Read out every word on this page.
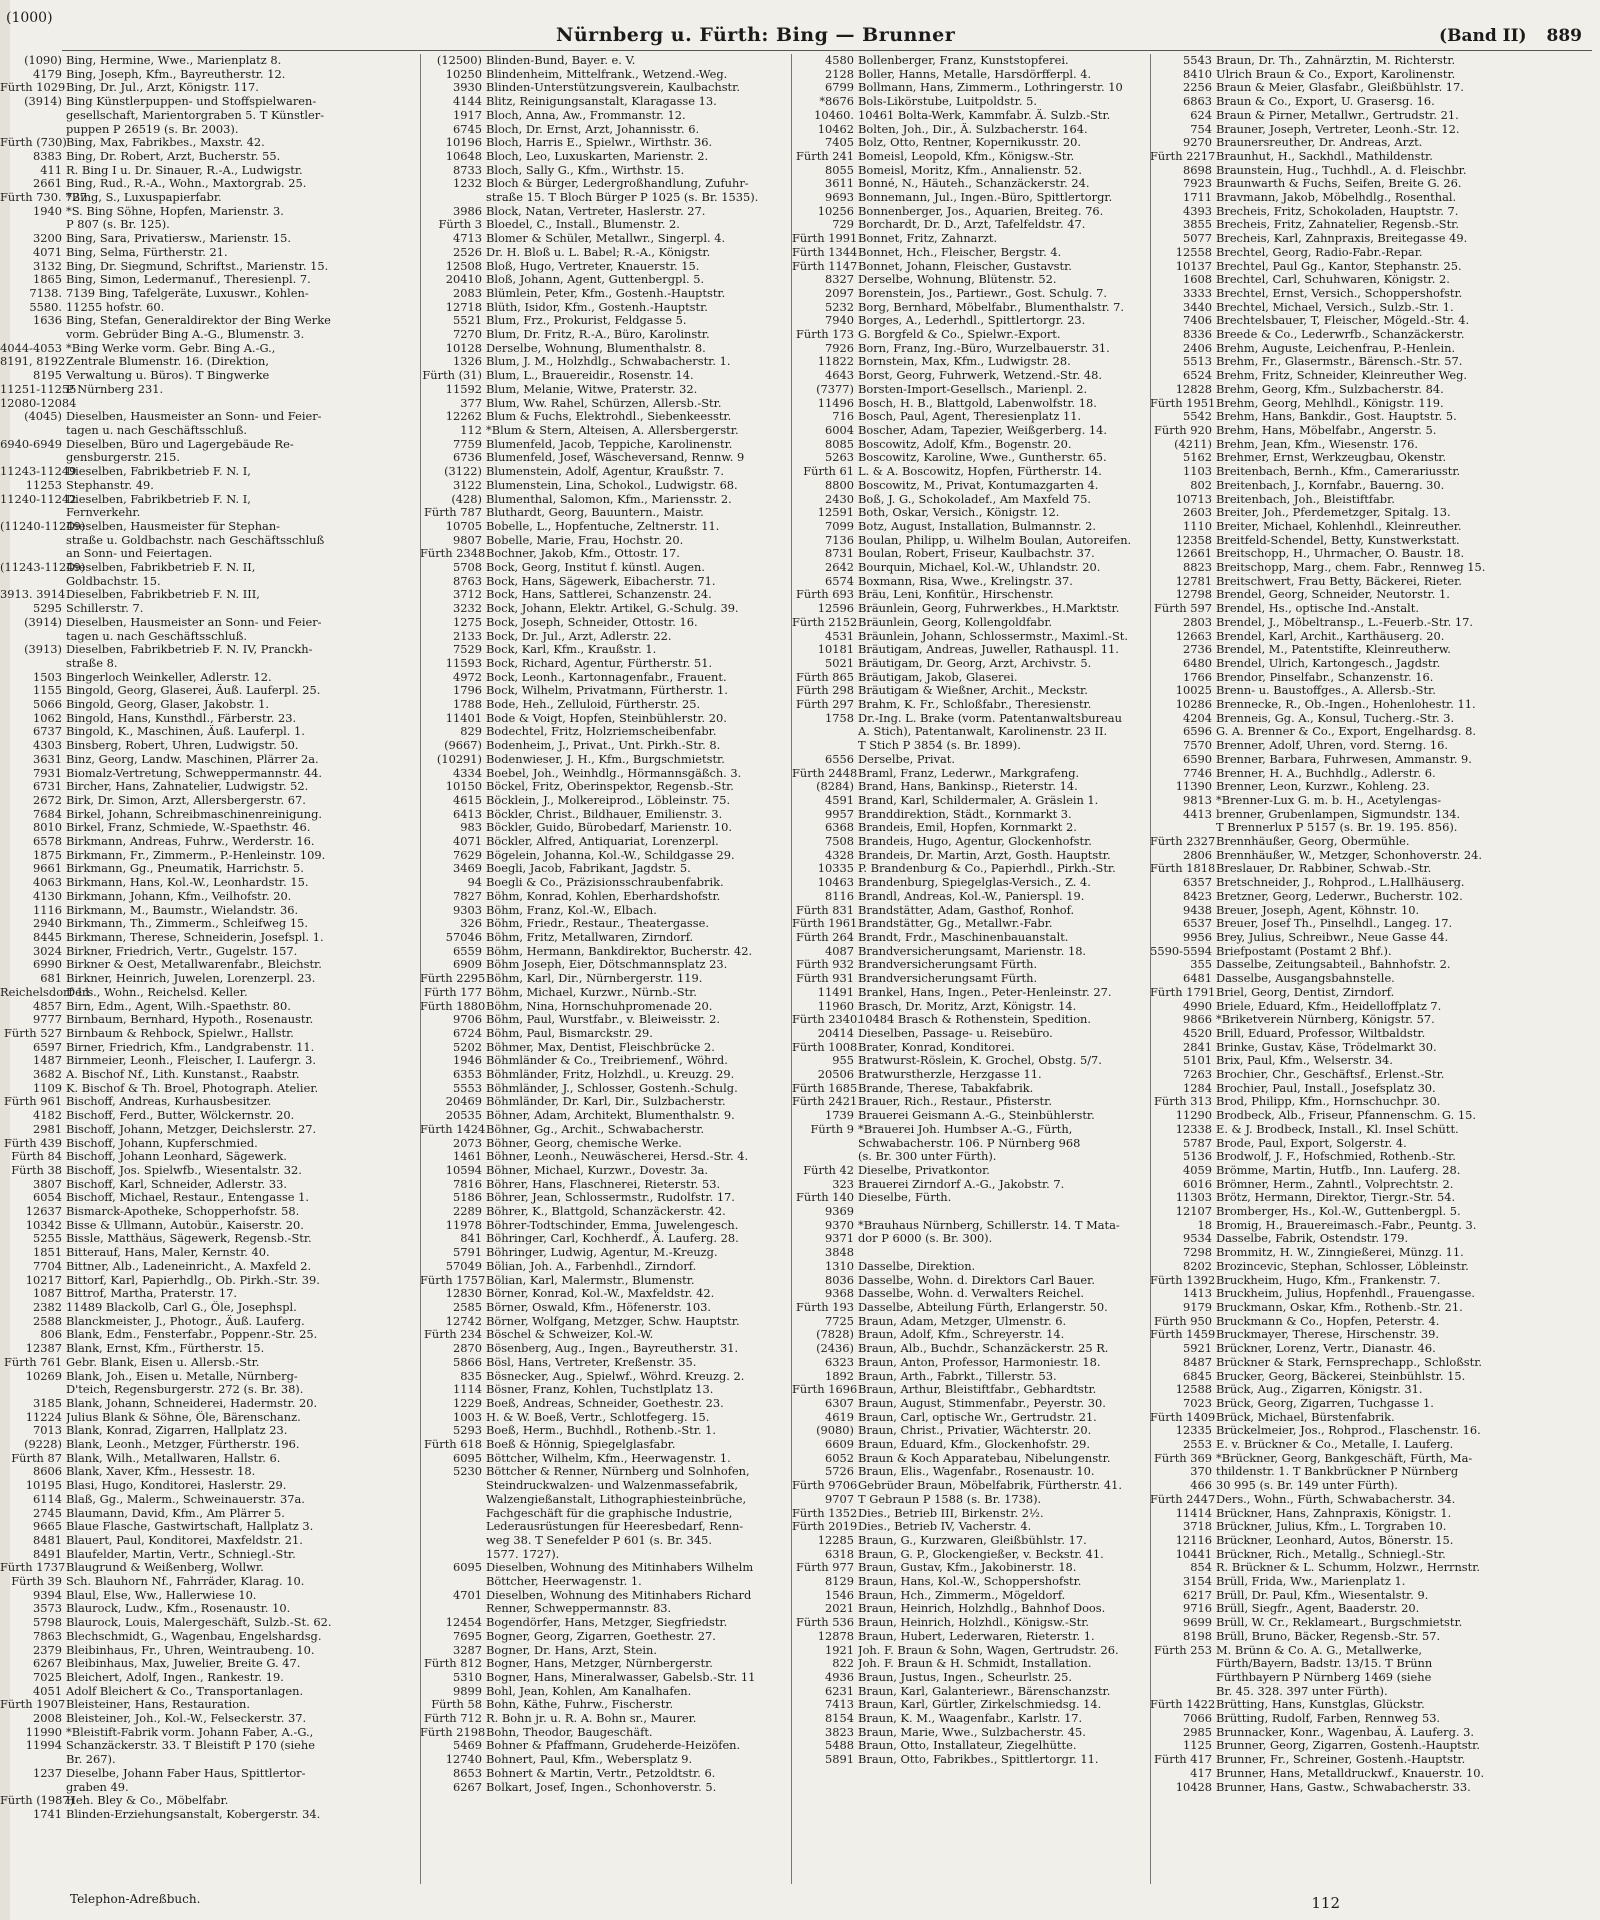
(1000)
Nürnberg u. Fürth: Bing — Brunner	(Band II) 889
(1090) Bing, Hermine, Wwe., Marienplatz 8.
4179 Bing, Joseph, Kfm., Bayreutherstr. 12.
Fürth 1029 Bing, Dr. Jul., Arzt, Königstr. 117.
(3914) Bing Künstlerpuppen- und Stoffspielwaren-
gesellschaft, Marientorgraben 5. T Künstler-
puppen P 26519 (s. Br. 2003).
Fürth (730) Bing, Max, Fabrikbes., Maxstr. 42.
8383 Bing, Dr. Robert, Arzt, Bucherstr. 55.
411 R. Bing I u. Dr. Sinauer, R.-A., Ludwigstr.
2661 Bing, Rud., R.-A., Wohn., Maxtorgrab. 25.
Fürth 730. 727
*Bing, S., Luxuspapierfabr.
1940 *S. Bing Söhne, Hopfen, Marienstr. 3.
P 807 (s. Br. 125).
3200 Bing, Sara, Privatiersw., Marienstr. 15.
4071 Bing, Selma, Fürtherstr. 21.
3132 Bing, Dr. Siegmund, Schriftst., Marienstr. 15.
1865 Bing, Simon, Ledermanuf., Theresienpl. 7.
7138. 7139 Bing, Tafelgeräte, Luxuswr., Kohlen-
5580. 11255 hofstr. 60.
1636 Bing, Stefan, Generaldirektor der Bing Werke
vorm. Gebrüder Bing A.-G., Blumenstr. 3.
4044-4053 *Bing Werke vorm. Gebr. Bing A.-G.,
8191, 8192 Zentrale Blumenstr. 16. (Direktion,
8195 Verwaltung u. Büros). T Bingwerke
11251-11255
P Nürnberg 231.
12080-12084
(4045) Dieselben, Hausmeister an Sonn- und Feier-
tagen u. nach Geschäftsschluß.
6940-6949 Dieselben, Büro und Lagergebäude Re-
gensburgerstr. 215.
11243-11249
Dieselben, Fabrikbetrieb F. N. I,
11253 Stephanstr. 49.
11240-11242
Dieselben, Fabrikbetrieb F. N. I,
Fernverkehr.
(11240-11249)
Dieselben, Hausmeister für Stephan-
straße u. Goldbachstr. nach Geschäftsschluß
an Sonn- und Feiertagen.
(11243-11249)
Dieselben, Fabrikbetrieb F. N. II,
Goldbachstr. 15.
3913. 3914 Dieselben, Fabrikbetrieb F. N. III,
5295 Schillerstr. 7.
(3914) Dieselben, Hausmeister an Sonn- und Feier-
tagen u. nach Geschäftsschluß.
(3913) Dieselben, Fabrikbetrieb F. N. IV, Pranckh-
straße 8.
1503 Bingerloch Weinkeller, Adlerstr. 12.
1155 Bingold, Georg, Glaserei, Äuß. Lauferpl. 25.
5066 Bingold, Georg, Glaser, Jakobstr. 1.
1062 Bingold, Hans, Kunsthdl., Färberstr. 23.
6737 Bingold, K., Maschinen, Äuß. Lauferpl. 1.
4303 Binsberg, Robert, Uhren, Ludwigstr. 50.
3631 Binz, Georg, Landw. Maschinen, Plärrer 2a.
7931 Biomalz-Vertretung, Schweppermannstr. 44.
6731 Bircher, Hans, Zahnatelier, Ludwigstr. 52.
2672 Birk, Dr. Simon, Arzt, Allersbergerstr. 67.
7684 Birkel, Johann, Schreibmaschinenreinigung.
8010 Birkel, Franz, Schmiede, W.-Spaethstr. 46.
6578 Birkmann, Andreas, Fuhrw., Werderstr. 16.
1875 Birkmann, Fr., Zimmerm., P.-Henleinstr. 109.
9661 Birkmann, Gg., Pneumatik, Harrichstr. 5.
4063 Birkmann, Hans, Kol.-W., Leonhardstr. 15.
4130 Birkmann, Johann, Kfm., Veilhofstr. 20.
1116 Birkmann, M., Baumstr., Wielandstr. 36.
2940 Birkmann, Th., Zimmerm., Schleifweg 15.
8445 Birkmann, Therese, Schneiderin, Josefspl. 1.
3024 Birkner, Friedrich, Vertr., Gugelstr. 157.
6990 Birkner & Oest, Metallwarenfabr., Bleichstr.
681 Birkner, Heinrich, Juwelen, Lorenzerpl. 23.
Reichelsdorf 11
Ders., Wohn., Reichelsd. Keller.
4857 Birn, Edm., Agent, Wilh.-Spaethstr. 80.
9777 Birnbaum, Bernhard, Hypoth., Rosenaustr.
Fürth 527 Birnbaum & Rehbock, Spielwr., Hallstr.
6597 Birner, Friedrich, Kfm., Landgrabenstr. 11.
1487 Birnmeier, Leonh., Fleischer, I. Laufergr. 3.
3682 A. Bischof Nf., Lith. Kunstanst., Raabstr.
1109 K. Bischof & Th. Broel, Photograph. Atelier.
Fürth 961 Bischoff, Andreas, Kurhausbesitzer.
4182 Bischoff, Ferd., Butter, Wölckernstr. 20.
2981 Bischoff, Johann, Metzger, Deichslerstr. 27.
Fürth 439 Bischoff, Johann, Kupferschmied.
Fürth 84 Bischoff, Johann Leonhard, Sägewerk.
Fürth 38 Bischoff, Jos. Spielwfb., Wiesentalstr. 32.
3807 Bischoff, Karl, Schneider, Adlerstr. 33.
6054 Bischoff, Michael, Restaur., Entengasse 1.
12637 Bismarck-Apotheke, Schopperhofstr. 58.
10342 Bisse & Ullmann, Autobür., Kaiserstr. 20.
5255 Bissle, Matthäus, Sägewerk, Regensb.-Str.
1851 Bitterauf, Hans, Maler, Kernstr. 40.
7704 Bittner, Alb., Ladeneinricht., A. Maxfeld 2.
10217 Bittorf, Karl, Papierhdlg., Ob. Pirkh.-Str. 39.
1087 Bittrof, Martha, Praterstr. 17.
2382 11489 Blackolb, Carl G., Öle, Josephspl.
2588 Blanckmeister, J., Photogr., Äuß. Lauferg.
806 Blank, Edm., Fensterfabr., Poppenr.-Str. 25.
12387 Blank, Ernst, Kfm., Fürtherstr. 15.
Fürth 761 Gebr. Blank, Eisen u. Allersb.-Str.
10269 Blank, Joh., Eisen u. Metalle, Nürnberg-
D'teich, Regensburgerstr. 272 (s. Br. 38).
3185 Blank, Johann, Schneiderei, Hadermstr. 20.
11224 Julius Blank & Söhne, Öle, Bärenschanz.
7013 Blank, Konrad, Zigarren, Hallplatz 23.
(9228) Blank, Leonh., Metzger, Fürtherstr. 196.
Fürth 87 Blank, Wilh., Metallwaren, Hallstr. 6.
8606 Blank, Xaver, Kfm., Hessestr. 18.
10195 Blasi, Hugo, Konditorei, Haslerstr. 29.
6114 Blaß, Gg., Malerm., Schweinauerstr. 37a.
2745 Blaumann, David, Kfm., Am Plärrer 5.
9665 Blaue Flasche, Gastwirtschaft, Hallplatz 3.
8481 Blauert, Paul, Konditorei, Maxfeldstr. 21.
8491 Blaufelder, Martin, Vertr., Schniegl.-Str.
Fürth 1737 Blaugrund & Weißenberg, Wollwr.
Fürth 39 Sch. Blauhorn Nf., Fahrräder, Klarag. 10.
9394 Blaul, Else, Ww., Hallerwiese 10.
3573 Blaurock, Ludw., Kfm., Rosenaustr. 10.
5798 Blaurock, Louis, Malergeschäft, Sulzb.-St. 62.
7863 Blechschmidt, G., Wagenbau, Engelshardsg.
2379 Bleibinhaus, Fr., Uhren, Weintraubeng. 10.
6267 Bleibinhaus, Max, Juwelier, Breite G. 47.
7025 Bleichert, Adolf, Ingen., Rankestr. 19.
4051 Adolf Bleichert & Co., Transportanlagen.
Fürth 1907 Bleisteiner, Hans, Restauration.
2008 Bleisteiner, Joh., Kol.-W., Felseckerstr. 37.
11990 *Bleistift-Fabrik vorm. Johann Faber, A.-G.,
11994 Schanzäckerstr. 33. T Bleistift P 170 (siehe
Br. 267).
1237 Dieselbe, Johann Faber Haus, Spittlertor-
graben 49.
Fürth (1987)
Heh. Bley & Co., Möbelfabr.
1741 Blinden-Erziehungsanstalt, Kobergerstr. 34.
(12500) Blinden-Bund, Bayer. e. V.
10250 Blindenheim, Mittelfrank., Wetzend.-Weg.
3930 Blinden-Unterstützungsverein, Kaulbachstr.
4144 Blitz, Reinigungsanstalt, Klaragasse 13.
1917 Bloch, Anna, Aw., Frommanstr. 12.
6745 Bloch, Dr. Ernst, Arzt, Johannisstr. 6.
10196 Bloch, Harris E., Spielwr., Wirthstr. 36.
10648 Bloch, Leo, Luxuskarten, Marienstr. 2.
8733 Bloch, Sally G., Kfm., Wirthstr. 15.
1232 Bloch & Bürger, Ledergroßhandlung, Zufuhr-
straße 15. T Bloch Bürger P 1025 (s. Br. 1535).
3986 Block, Natan, Vertreter, Haslerstr. 27.
Fürth 3 Bloedel, C., Install., Blumenstr. 2.
4713 Blomer & Schüler, Metallwr., Singerpl. 4.
2526 Dr. H. Bloß u. L. Babel; R.-A., Königstr.
12508 Bloß, Hugo, Vertreter, Knauerstr. 15.
20410 Bloß, Johann, Agent, Guttenbergpl. 5.
2083 Blümlein, Peter, Kfm., Gostenh.-Hauptstr.
12718 Blüth, Isidor, Kfm., Gostenh.-Hauptstr.
5521 Blum, Frz., Prokurist, Feldgasse 5.
7270 Blum, Dr. Fritz, R.-A., Büro, Karolinstr.
10128 Derselbe, Wohnung, Blumenthalstr. 8.
1326 Blum, J. M., Holzhdlg., Schwabacherstr. 1.
Fürth (31) Blum, L., Brauereidir., Rosenstr. 14.
11592 Blum, Melanie, Witwe, Praterstr. 32.
377 Blum, Ww. Rahel, Schürzen, Allersb.-Str.
12262 Blum & Fuchs, Elektrohdl., Siebenkeesstr.
112 *Blum & Stern, Alteisen, A. Allersbergerstr.
7759 Blumenfeld, Jacob, Teppiche, Karolinenstr.
6736 Blumenfeld, Josef, Wäscheversand, Rennw. 9
(3122) Blumenstein, Adolf, Agentur, Kraußstr. 7.
3122 Blumenstein, Lina, Schokol., Ludwigstr. 68.
(428) Blumenthal, Salomon, Kfm., Mariensstr. 2.
Fürth 787 Bluthardt, Georg, Bauuntern., Maistr.
10705 Bobelle, L., Hopfentuche, Zeltnerstr. 11.
9807 Bobelle, Marie, Frau, Hochstr. 20.
Fürth 2348 Bochner, Jakob, Kfm., Ottostr. 17.
5708 Bock, Georg, Institut f. künstl. Augen.
8763 Bock, Hans, Sägewerk, Eibacherstr. 71.
3712 Bock, Hans, Sattlerei, Schanzenstr. 24.
3232 Bock, Johann, Elektr. Artikel, G.-Schulg. 39.
1275 Bock, Joseph, Schneider, Ottostr. 16.
2133 Bock, Dr. Jul., Arzt, Adlerstr. 22.
7529 Bock, Karl, Kfm., Kraußstr. 1.
11593 Bock, Richard, Agentur, Fürtherstr. 51.
4972 Bock, Leonh., Kartonnagenfabr., Frauent.
1796 Bock, Wilhelm, Privatmann, Fürtherstr. 1.
1788 Bode, Heh., Zelluloid, Fürtherstr. 25.
11401 Bode & Voigt, Hopfen, Steinbühlerstr. 20.
829 Bodechtel, Fritz, Holzriemscheibenfabr.
(9667) Bodenheim, J., Privat., Unt. Pirkh.-Str. 8.
(10291) Bodenwieser, J. H., Kfm., Burgschmietstr.
4334 Boebel, Joh., Weinhdlg., Hörmannsgäßch. 3.
10150 Böckel, Fritz, Oberinspektor, Regensb.-Str.
4615 Böcklein, J., Molkereiprod., Löbleinstr. 75.
6413 Böckler, Christ., Bildhauer, Emilienstr. 3.
983 Böckler, Guido, Bürobedarf, Marienstr. 10.
4071 Böckler, Alfred, Antiquariat, Lorenzerpl.
7629 Bögelein, Johanna, Kol.-W., Schildgasse 29.
3469 Boegli, Jacob, Fabrikant, Jagdstr. 5.
94 Boegli & Co., Präzisionsschraubenfabrik.
7827 Böhm, Konrad, Kohlen, Eberhardshofstr.
9303 Böhm, Franz, Kol.-W., Elbach.
326 Böhm, Friedr., Restaur., Theatergasse.
57046 Böhm, Fritz, Metallwaren, Zirndorf.
6559 Böhm, Hermann, Bankdirektor, Bucherstr. 42.
6909 Böhm Joseph, Eier, Dötschmannsplatz 23.
Fürth 2295 Böhm, Karl, Dir., Nürnbergerstr. 119.
Fürth 177 Böhm, Michael, Kurzwr., Nürnb.-Str.
Fürth 1880 Böhm, Nina, Hornschuhpromenade 20.
9706 Böhm, Paul, Wurstfabr., v. Bleiweisstr. 2.
6724 Böhm, Paul, Bismarckstr. 29.
5202 Böhmer, Max, Dentist, Fleischbrücke 2.
1946 Böhmländer & Co., Treibriemenf., Wöhrd.
6353 Böhmländer, Fritz, Holzhdl., u. Kreuzg. 29.
5553 Böhmländer, J., Schlosser, Gostenh.-Schulg.
20469 Böhmländer, Dr. Karl, Dir., Sulzbacherstr.
20535 Böhner, Adam, Architekt, Blumenthalstr. 9.
Fürth 1424 Böhner, Gg., Archit., Schwabacherstr.
2073 Böhner, Georg, chemische Werke.
1461 Böhner, Leonh., Neuwäscherei, Hersd.-Str. 4.
10594 Böhner, Michael, Kurzwr., Dovestr. 3a.
7816 Böhrer, Hans, Flaschnerei, Rieterstr. 53.
5186 Böhrer, Jean, Schlossermstr., Rudolfstr. 17.
2289 Böhrer, K., Blattgold, Schanzäckerstr. 42.
11978 Böhrer-Todtschinder, Emma, Juwelengesch.
841 Böhringer, Carl, Kochherdf., Ä. Lauferg. 28.
5791 Böhringer, Ludwig, Agentur, M.-Kreuzg.
57049 Bölian, Joh. A., Farbenhdl., Zirndorf.
Fürth 1757 Bölian, Karl, Malermstr., Blumenstr.
12830 Börner, Konrad, Kol.-W., Maxfeldstr. 42.
2585 Börner, Oswald, Kfm., Höfenerstr. 103.
12742 Börner, Wolfgang, Metzger, Schw. Hauptstr.
Fürth 234 Böschel & Schweizer, Kol.-W.
2870 Bösenberg, Aug., Ingen., Bayreutherstr. 31.
5866 Bösl, Hans, Vertreter, Kreßenstr. 35.
835 Bösnecker, Aug., Spielwf., Wöhrd. Kreuzg. 2.
1114 Bösner, Franz, Kohlen, Tuchstlplatz 13.
1229 Boeß, Andreas, Schneider, Goethestr. 23.
1003 H. & W. Boeß, Vertr., Schlotfegerg. 15.
5293 Boeß, Herm., Buchhdl., Rothenb.-Str. 1.
Fürth 618 Boeß & Hönnig, Spiegelglasfabr.
6095 Böttcher, Wilhelm, Kfm., Heerwagenstr. 1.
5230 Böttcher & Renner, Nürnberg und Solnhofen,
Steindruckwalzen- und Walzenmassefabrik,
Walzengießanstalt, Lithographiesteinbrüche,
Fachgeschäft für die graphische Industrie,
Lederausrüstungen für Heeresbedarf, Renn-
weg 38. T Senefelder P 601 (s. Br. 345.
1577. 1727).
6095 Dieselben, Wohnung des Mitinhabers Wilhelm
Böttcher, Heerwagenstr. 1.
4701 Dieselben, Wohnung des Mitinhabers Richard
Renner, Schweppermannstr. 83.
12454 Bogendörfer, Hans, Metzger, Siegfriedstr.
7695 Bogner, Georg, Zigarren, Goethestr. 27.
3287 Bogner, Dr. Hans, Arzt, Stein.
Fürth 812 Bogner, Hans, Metzger, Nürnbergerstr.
5310 Bogner, Hans, Mineralwasser, Gabelsb.-Str. 11
9899 Bohl, Jean, Kohlen, Am Kanalhafen.
Fürth 58 Bohn, Käthe, Fuhrw., Fischerstr.
Fürth 712 R. Bohn jr. u. R. A. Bohn sr., Maurer.
Fürth 2198 Bohn, Theodor, Baugeschäft.
5469 Bohner & Pfaffmann, Grudeherde-Heizöfen.
12740 Bohnert, Paul, Kfm., Webersplatz 9.
8653 Bohnert & Martin, Vertr., Petzoldtstr. 6.
6267 Bolkart, Josef, Ingen., Schonhoverstr. 5.
4580 Bollenberger, Franz, Kunststopferei.
2128 Boller, Hanns, Metalle, Harsdörfferpl. 4.
6799 Bollmann, Hans, Zimmerm., Lothringerstr. 10
*8676 Bols-Likörstube, Luitpoldstr. 5.
10460. 10461 Bolta-Werk, Kammfabr. Ä. Sulzb.-Str.
10462 Bolten, Joh., Dir., Ä. Sulzbacherstr. 164.
7405 Bolz, Otto, Rentner, Kopernikusstr. 20.
Fürth 241 Bomeisl, Leopold, Kfm., Königsw.-Str.
8055 Bomeisl, Moritz, Kfm., Annalienstr. 52.
3611 Bonné, N., Häuteh., Schanzäckerstr. 24.
9693 Bonnemann, Jul., Ingen.-Büro, Spittlertorgr.
10256 Bonnenberger, Jos., Aquarien, Breiteg. 76.
729 Borchardt, Dr. D., Arzt, Tafelfeldstr. 47.
Fürth 1991 Bonnet, Fritz, Zahnarzt.
Fürth 1344 Bonnet, Hch., Fleischer, Bergstr. 4.
Fürth 1147 Bonnet, Johann, Fleischer, Gustavstr.
8327 Derselbe, Wohnung, Blütenstr. 52.
2097 Borenstein, Jos., Partiewr., Gost. Schulg. 7.
5232 Borg, Bernhard, Möbelfabr., Blumenthalstr. 7.
7940 Borges, A., Lederhdl., Spittlertorgr. 23.
Fürth 173 G. Borgfeld & Co., Spielwr.-Export.
7926 Born, Franz, Ing.-Büro, Wurzelbauerstr. 31.
11822 Bornstein, Max, Kfm., Ludwigstr. 28.
4643 Borst, Georg, Fuhrwerk, Wetzend.-Str. 48.
(7377) Borsten-Import-Gesellsch., Marienpl. 2.
11496 Bosch, H. B., Blattgold, Labenwolfstr. 18.
716 Bosch, Paul, Agent, Theresienplatz 11.
6004 Boscher, Adam, Tapezier, Weißgerberg. 14.
8085 Boscowitz, Adolf, Kfm., Bogenstr. 20.
5263 Boscowitz, Karoline, Wwe., Guntherstr. 65.
Fürth 61 L. & A. Boscowitz, Hopfen, Fürtherstr. 14.
8800 Boscowitz, M., Privat, Kontumazgarten 4.
2430 Boß, J. G., Schokoladef., Am Maxfeld 75.
12591 Both, Oskar, Versich., Königstr. 12.
7099 Botz, August, Installation, Bulmannstr. 2.
7136 Boulan, Philipp, u. Wilhelm Boulan, Autoreifen.
8731 Boulan, Robert, Friseur, Kaulbachstr. 37.
2642 Bourquin, Michael, Kol.-W., Uhlandstr. 20.
6574 Boxmann, Risa, Wwe., Krelingstr. 37.
Fürth 693 Bräu, Leni, Konfitür., Hirschenstr.
12596 Bräunlein, Georg, Fuhrwerkbes., H.Marktstr.
Fürth 2152 Bräunlein, Georg, Kollengoldfabr.
4531 Bräunlein, Johann, Schlossermstr., Maximl.-St.
10181 Bräutigam, Andreas, Juweller, Rathauspl. 11.
5021 Bräutigam, Dr. Georg, Arzt, Archivstr. 5.
Fürth 865 Bräutigam, Jakob, Glaserei.
Fürth 298 Bräutigam & Wießner, Archit., Meckstr.
Fürth 297 Brahm, K. Fr., Schloßfabr., Theresienstr.
1758 Dr.-Ing. L. Brake (vorm. Patentanwaltsbureau
A. Stich), Patentanwalt, Karolinenstr. 23 II.
T Stich P 3854 (s. Br. 1899).
6556 Derselbe, Privat.
Fürth 2448 Braml, Franz, Lederwr., Markgrafeng.
(8284) Brand, Hans, Bankinsp., Rieterstr. 14.
4591 Brand, Karl, Schildermaler, A. Gräslein 1.
9957 Branddirektion, Städt., Kornmarkt 3.
6368 Brandeis, Emil, Hopfen, Kornmarkt 2.
7508 Brandeis, Hugo, Agentur, Glockenhofstr.
4328 Brandeis, Dr. Martin, Arzt, Gosth. Hauptstr.
10335 P. Brandenburg & Co., Papierhdl., Pirkh.-Str.
10463 Brandenburg, Spiegelglas-Versich., Z. 4.
8116 Brandl, Andreas, Kol.-W., Panierspl. 19.
Fürth 831 Brandstätter, Adam, Gasthof, Ronhof.
Fürth 1961 Brandstätter, Gg., Metallwr.-Fabr.
Fürth 264 Brandt, Frdr., Maschinenbauanstalt.
4087 Brandversicherungsamt, Marienstr. 18.
Fürth 932 Brandversicherungsamt Fürth.
Fürth 931 Brandversicherungsamt Fürth.
11491 Brankel, Hans, Ingen., Peter-Henleinstr. 27.
11960 Brasch, Dr. Moritz, Arzt, Königstr. 14.
Fürth 2340.
10484 Brasch & Rothenstein, Spedition.
20414 Dieselben, Passage- u. Reisebüro.
Fürth 1008 Brater, Konrad, Konditorei.
955 Bratwurst-Röslein, K. Grochel, Obstg. 5/7.
20506 Bratwurstherzle, Herzgasse 11.
Fürth 1685 Brande, Therese, Tabakfabrik.
Fürth 2421 Brauer, Rich., Restaur., Pfisterstr.
1739 Brauerei Geismann A.-G., Steinbühlerstr.
Fürth 9 *Brauerei Joh. Humbser A.-G., Fürth,
Schwabacherstr. 106. P Nürnberg 968
(s. Br. 300 unter Fürth).
Fürth 42 Dieselbe, Privatkontor.
323 Brauerei Zirndorf A.-G., Jakobstr. 7.
Fürth 140 Dieselbe, Fürth.
9369
9370 *Brauhaus Nürnberg, Schillerstr. 14. T Mata-
9371 dor P 6000 (s. Br. 300).
3848
1310 Dasselbe, Direktion.
8036 Dasselbe, Wohn. d. Direktors Carl Bauer.
9368 Dasselbe, Wohn. d. Verwalters Reichel.
Fürth 193 Dasselbe, Abteilung Fürth, Erlangerstr. 50.
7725 Braun, Adam, Metzger, Ulmenstr. 6.
(7828) Braun, Adolf, Kfm., Schreyerstr. 14.
(2436) Braun, Alb., Buchdr., Schanzäckerstr. 25 R.
6323 Braun, Anton, Professor, Harmoniestr. 18.
1892 Braun, Arth., Fabrkt., Tillerstr. 53.
Fürth 1696 Braun, Arthur, Bleistiftfabr., Gebhardtstr.
6307 Braun, August, Stimmenfabr., Peyerstr. 30.
4619 Braun, Carl, optische Wr., Gertrudstr. 21.
(9080) Braun, Christ., Privatier, Wächterstr. 20.
6609 Braun, Eduard, Kfm., Glockenhofstr. 29.
6052 Braun & Koch Apparatebau, Nibelungenstr.
5726 Braun, Elis., Wagenfabr., Rosenaustr. 10.
Fürth 9706 Gebrüder Braun, Möbelfabrik, Fürtherstr. 41.
9707 T Gebraun P 1588 (s. Br. 1738).
Fürth 1352 Dies., Betrieb III, Birkenstr. 2½.
Fürth 2019 Dies., Betrieb IV, Vacherstr. 4.
12285 Braun, G., Kurzwaren, Gleißbühlstr. 17.
6318 Braun, G. P., Glockengießer, v. Beckstr. 41.
Fürth 977 Braun, Gustav, Kfm., Jakobinerstr. 18.
8129 Braun, Hans, Kol.-W., Schoppershofstr.
1546 Braun, Hch., Zimmerm., Mögeldorf.
2021 Braun, Heinrich, Holzhdlg., Bahnhof Doos.
Fürth 536 Braun, Heinrich, Holzhdl., Königsw.-Str.
12878 Braun, Hubert, Lederwaren, Rieterstr. 1.
1921 Joh. F. Braun & Sohn, Wagen, Gertrudstr. 26.
822 Joh. F. Braun & H. Schmidt, Installation.
4936 Braun, Justus, Ingen., Scheurlstr. 25.
6231 Braun, Karl, Galanteriewr., Bärenschanzstr.
7413 Braun, Karl, Gürtler, Zirkelschmiedsg. 14.
8154 Braun, K. M., Waagenfabr., Karlstr. 17.
3823 Braun, Marie, Wwe., Sulzbacherstr. 45.
5488 Braun, Otto, Installateur, Ziegelhütte.
5891 Braun, Otto, Fabrikbes., Spittlertorgr. 11.
5543 Braun, Dr. Th., Zahnärztin, M. Richterstr.
8410 Ulrich Braun & Co., Export, Karolinenstr.
2256 Braun & Meier, Glasfabr., Gleißbühlstr. 17.
6863 Braun & Co., Export, U. Grasersg. 16.
624 Braun & Pirner, Metallwr., Gertrudstr. 21.
754 Brauner, Joseph, Vertreter, Leonh.-Str. 12.
9270 Braunersreuther, Dr. Andreas, Arzt.
Fürth 2217 Braunhut, H., Sackhdl., Mathildenstr.
8698 Braunstein, Hug., Tuchhdl., A. d. Fleischbr.
7923 Braunwarth & Fuchs, Seifen, Breite G. 26.
1711 Bravmann, Jakob, Möbelhdlg., Rosenthal.
4393 Brecheis, Fritz, Schokoladen, Hauptstr. 7.
3855 Brecheis, Fritz, Zahnatelier, Regensb.-Str.
5077 Brecheis, Karl, Zahnpraxis, Breitegasse 49.
12558 Brechtel, Georg, Radio-Fabr.-Repar.
10137 Brechtel, Paul Gg., Kantor, Stephanstr. 25.
1608 Brechtel, Carl, Schuhwaren, Königstr. 2.
3333 Brechtel, Ernst, Versich., Schoppershofstr.
3440 Brechtel, Michael, Versich., Sulzb.-Str. 1.
7406 Brechtelsbauer, T, Fleischer, Mögeld.-Str. 4.
8336 Breede & Co., Lederwrfb., Schanzäckerstr.
2406 Brehm, Auguste, Leichenfrau, P.-Henlein.
5513 Brehm, Fr., Glasermstr., Bärensch.-Str. 57.
6524 Brehm, Fritz, Schneider, Kleinreuther Weg.
12828 Brehm, Georg, Kfm., Sulzbacherstr. 84.
Fürth 1951 Brehm, Georg, Mehlhdl., Königstr. 119.
5542 Brehm, Hans, Bankdir., Gost. Hauptstr. 5.
Fürth 920 Brehm, Hans, Möbelfabr., Angerstr. 5.
(4211) Brehm, Jean, Kfm., Wiesenstr. 176.
5162 Brehmer, Ernst, Werkzeugbau, Okenstr.
1103 Breitenbach, Bernh., Kfm., Camerariusstr.
802 Breitenbach, J., Kornfabr., Bauerng. 30.
10713 Breitenbach, Joh., Bleistiftfabr.
2603 Breiter, Joh., Pferdemetzger, Spitalg. 13.
1110 Breiter, Michael, Kohlenhdl., Kleinreuther.
12358 Breitfeld-Schendel, Betty, Kunstwerkstatt.
12661 Breitschopp, H., Uhrmacher, O. Baustr. 18.
8823 Breitschopp, Marg., chem. Fabr., Rennweg 15.
12781 Breitschwert, Frau Betty, Bäckerei, Rieter.
12798 Brendel, Georg, Schneider, Neutorstr. 1.
Fürth 597 Brendel, Hs., optische Ind.-Anstalt.
2803 Brendel, J., Möbeltransp., L.-Feuerb.-Str. 17.
12663 Brendel, Karl, Archit., Karthäuserg. 20.
2736 Brendel, M., Patentstifte, Kleinreutherw.
6480 Brendel, Ulrich, Kartongesch., Jagdstr.
1766 Brendor, Pinselfabr., Schanzenstr. 16.
10025 Brenn- u. Baustoffges., A. Allersb.-Str.
10286 Brennecke, R., Ob.-Ingen., Hohenlohestr. 11.
4204 Brenneis, Gg. A., Konsul, Tucherg.-Str. 3.
6596 G. A. Brenner & Co., Export, Engelhardsg. 8.
7570 Brenner, Adolf, Uhren, vord. Sterng. 16.
6590 Brenner, Barbara, Fuhrwesen, Ammanstr. 9.
7746 Brenner, H. A., Buchhdlg., Adlerstr. 6.
11390 Brenner, Leon, Kurzwr., Kohleng. 23.
9813 *Brenner-Lux G. m. b. H., Acetylengas-
4413 brenner, Grubenlampen, Sigmundstr. 134.
T Brennerlux P 5157 (s. Br. 19. 195. 856).
Fürth 2327 Brennhäußer, Georg, Obermühle.
2806 Brennhäußer, W., Metzger, Schonhoverstr. 24.
Fürth 1818 Breslauer, Dr. Rabbiner, Schwab.-Str.
6357 Bretschneider, J., Rohprod., L.Hallhäuserg.
8423 Bretzner, Georg, Lederwr., Bucherstr. 102.
9438 Breuer, Joseph, Agent, Köhnstr. 10.
6537 Breuer, Josef Th., Pinselhdl., Langeg. 17.
9956 Brey, Julius, Schreibwr., Neue Gasse 44.
5590-5594 Briefpostamt (Postamt 2 Bhf.).
355 Dasselbe, Zeitungsabteil., Bahnhofstr. 2.
6481 Dasselbe, Ausgangsbahnstelle.
Fürth 1791 Briel, Georg, Dentist, Zirndorf.
4990 Briele, Eduard, Kfm., Heidelloffplatz 7.
9866 *Briketverein Nürnberg, Königstr. 57.
4520 Brill, Eduard, Professor, Wiltbaldstr.
2841 Brinke, Gustav, Käse, Trödelmarkt 30.
5101 Brix, Paul, Kfm., Welserstr. 34.
7263 Brochier, Chr., Geschäftsf., Erlenst.-Str.
1284 Brochier, Paul, Install., Josefsplatz 30.
Fürth 313 Brod, Philipp, Kfm., Hornschuchpr. 30.
11290 Brodbeck, Alb., Friseur, Pfannenschm. G. 15.
12338 E. & J. Brodbeck, Install., Kl. Insel Schütt.
5787 Brode, Paul, Export, Solgerstr. 4.
5136 Brodwolf, J. F., Hofschmied, Rothenb.-Str.
4059 Brömme, Martin, Hutfb., Inn. Lauferg. 28.
6016 Brömner, Herm., Zahntl., Volprechtstr. 2.
11303 Brötz, Hermann, Direktor, Tiergr.-Str. 54.
12107 Bromberger, Hs., Kol.-W., Guttenbergpl. 5.
18 Bromig, H., Brauereimasch.-Fabr., Peuntg. 3.
9534 Dasselbe, Fabrik, Ostendstr. 179.
7298 Brommitz, H. W., Zinngießerei, Münzg. 11.
8202 Brozincevic, Stephan, Schlosser, Löbleinstr.
Fürth 1392 Bruckheim, Hugo, Kfm., Frankenstr. 7.
1413 Bruckheim, Julius, Hopfenhdl., Frauengasse.
9179 Bruckmann, Oskar, Kfm., Rothenb.-Str. 21.
Fürth 950 Bruckmann & Co., Hopfen, Peterstr. 4.
Fürth 1459 Bruckmayer, Therese, Hirschenstr. 39.
5921 Brückner, Lorenz, Vertr., Dianastr. 46.
8487 Brückner & Stark, Fernsprechapp., Schloßstr.
6845 Brucker, Georg, Bäckerei, Steinbühlstr. 15.
12588 Brück, Aug., Zigarren, Königstr. 31.
7023 Brück, Georg, Zigarren, Tuchgasse 1.
Fürth 1409 Brück, Michael, Bürstenfabrik.
12335 Brückelmeier, Jos., Rohprod., Flaschenstr. 16.
2553 E. v. Brückner & Co., Metalle, I. Lauferg.
Fürth 369 *Brückner, Georg, Bankgeschäft, Fürth, Ma-
370 thildenstr. 1. T Bankbrückner P Nürnberg
466 30 995 (s. Br. 149 unter Fürth).
Fürth 2447 Ders., Wohn., Fürth, Schwabacherstr. 34.
11414 Brückner, Hans, Zahnpraxis, Königstr. 1.
3718 Brückner, Julius, Kfm., L. Torgraben 10.
12116 Brückner, Leonhard, Autos, Bönerstr. 15.
10441 Brückner, Rich., Metallg., Schniegl.-Str.
854 R. Brückner & L. Schumm, Holzwr., Herrnstr.
3154 Brüll, Frida, Ww., Marienplatz 1.
6217 Brüll, Dr. Paul, Kfm., Wiesentalstr. 9.
9716 Brüll, Siegfr., Agent, Baaderstr. 20.
9699 Brüll, W. Cr., Reklameart., Burgschmietstr.
8198 Brüll, Bruno, Bäcker, Regensb.-Str. 57.
Fürth 253 M. Brünn & Co. A. G., Metallwerke,
Fürth/Bayern, Badstr. 13/15. T Brünn
Fürthbayern P Nürnberg 1469 (siehe
Br. 45. 328. 397 unter Fürth).
Fürth 1422 Brütting, Hans, Kunstglas, Glückstr.
7066 Brütting, Rudolf, Farben, Rennweg 53.
2985 Brunnacker, Konr., Wagenbau, Ä. Lauferg. 3.
1125 Brunner, Georg, Zigarren, Gostenh.-Hauptstr.
Fürth 417 Brunner, Fr., Schreiner, Gostenh.-Hauptstr.
417 Brunner, Hans, Metalldruckwf., Knauerstr. 10.
10428 Brunner, Hans, Gastw., Schwabacherstr. 33.
Telephon-Adreßbuch.	112
